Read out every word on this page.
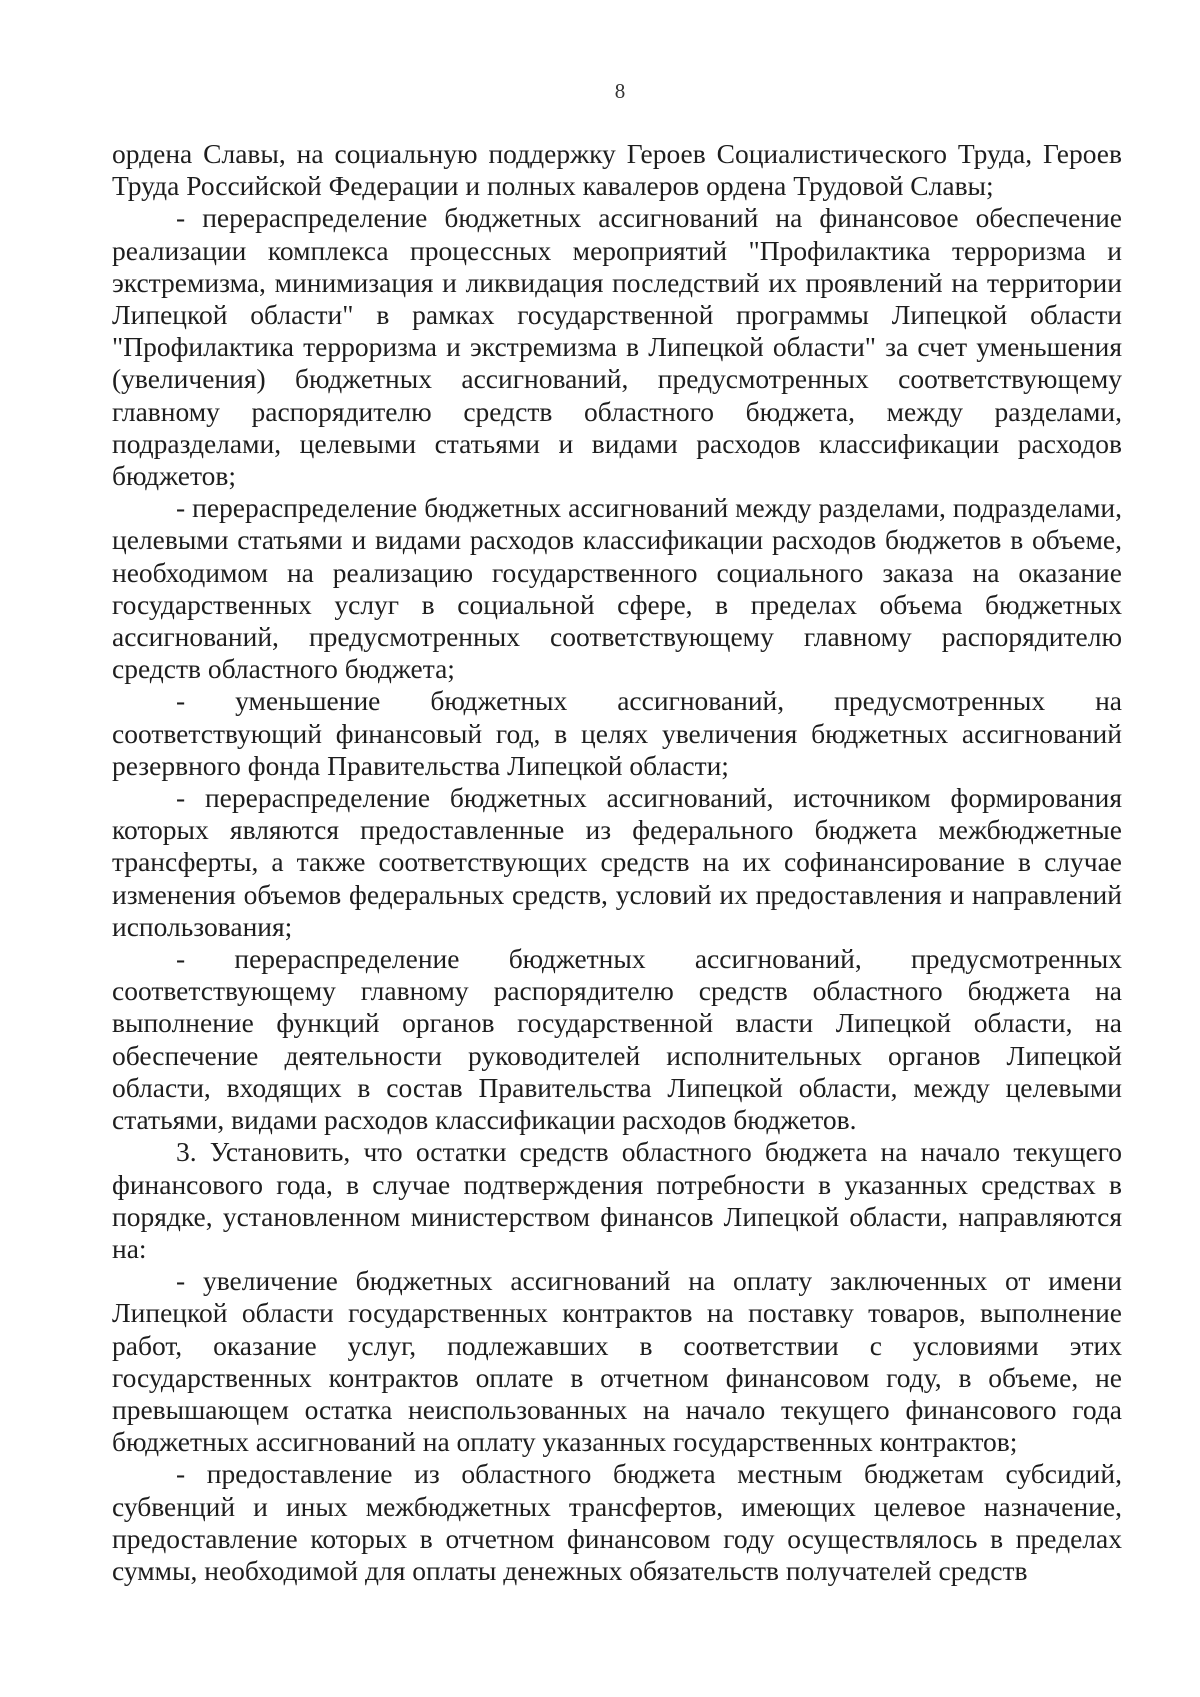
8

ордена Славы, на социальную поддержку Героев Социалистического Труда, Героев Труда Российской Федерации и полных кавалеров ордена Трудовой Славы;

- перераспределение бюджетных ассигнований на финансовое обеспечение реализации комплекса процессных мероприятий "Профилактика терроризма и экстремизма, минимизация и ликвидация последствий их проявлений на территории Липецкой области" в рамках государственной программы Липецкой области "Профилактика терроризма и экстремизма в Липецкой области" за счет уменьшения (увеличения) бюджетных ассигнований, предусмотренных соответствующему главному распорядителю средств областного бюджета, между разделами, подразделами, целевыми статьями и видами расходов классификации расходов бюджетов;

- перераспределение бюджетных ассигнований между разделами, подразделами, целевыми статьями и видами расходов классификации расходов бюджетов в объеме, необходимом на реализацию государственного социального заказа на оказание государственных услуг в социальной сфере, в пределах объема бюджетных ассигнований, предусмотренных соответствующему главному распорядителю средств областного бюджета;

- уменьшение бюджетных ассигнований, предусмотренных на соответствующий финансовый год, в целях увеличения бюджетных ассигнований резервного фонда Правительства Липецкой области;

- перераспределение бюджетных ассигнований, источником формирования которых являются предоставленные из федерального бюджета межбюджетные трансферты, а также соответствующих средств на их софинансирование в случае изменения объемов федеральных средств, условий их предоставления и направлений использования;

- перераспределение бюджетных ассигнований, предусмотренных соответствующему главному распорядителю средств областного бюджета на выполнение функций органов государственной власти Липецкой области, на обеспечение деятельности руководителей исполнительных органов Липецкой области, входящих в состав Правительства Липецкой области, между целевыми статьями, видами расходов классификации расходов бюджетов.

3. Установить, что остатки средств областного бюджета на начало текущего финансового года, в случае подтверждения потребности в указанных средствах в порядке, установленном министерством финансов Липецкой области, направляются на:

- увеличение бюджетных ассигнований на оплату заключенных от имени Липецкой области государственных контрактов на поставку товаров, выполнение работ, оказание услуг, подлежавших в соответствии с условиями этих государственных контрактов оплате в отчетном финансовом году, в объеме, не превышающем остатка неиспользованных на начало текущего финансового года бюджетных ассигнований на оплату указанных государственных контрактов;

- предоставление из областного бюджета местным бюджетам субсидий, субвенций и иных межбюджетных трансфертов, имеющих целевое назначение, предоставление которых в отчетном финансовом году осуществлялось в пределах суммы, необходимой для оплаты денежных обязательств получателей средств
